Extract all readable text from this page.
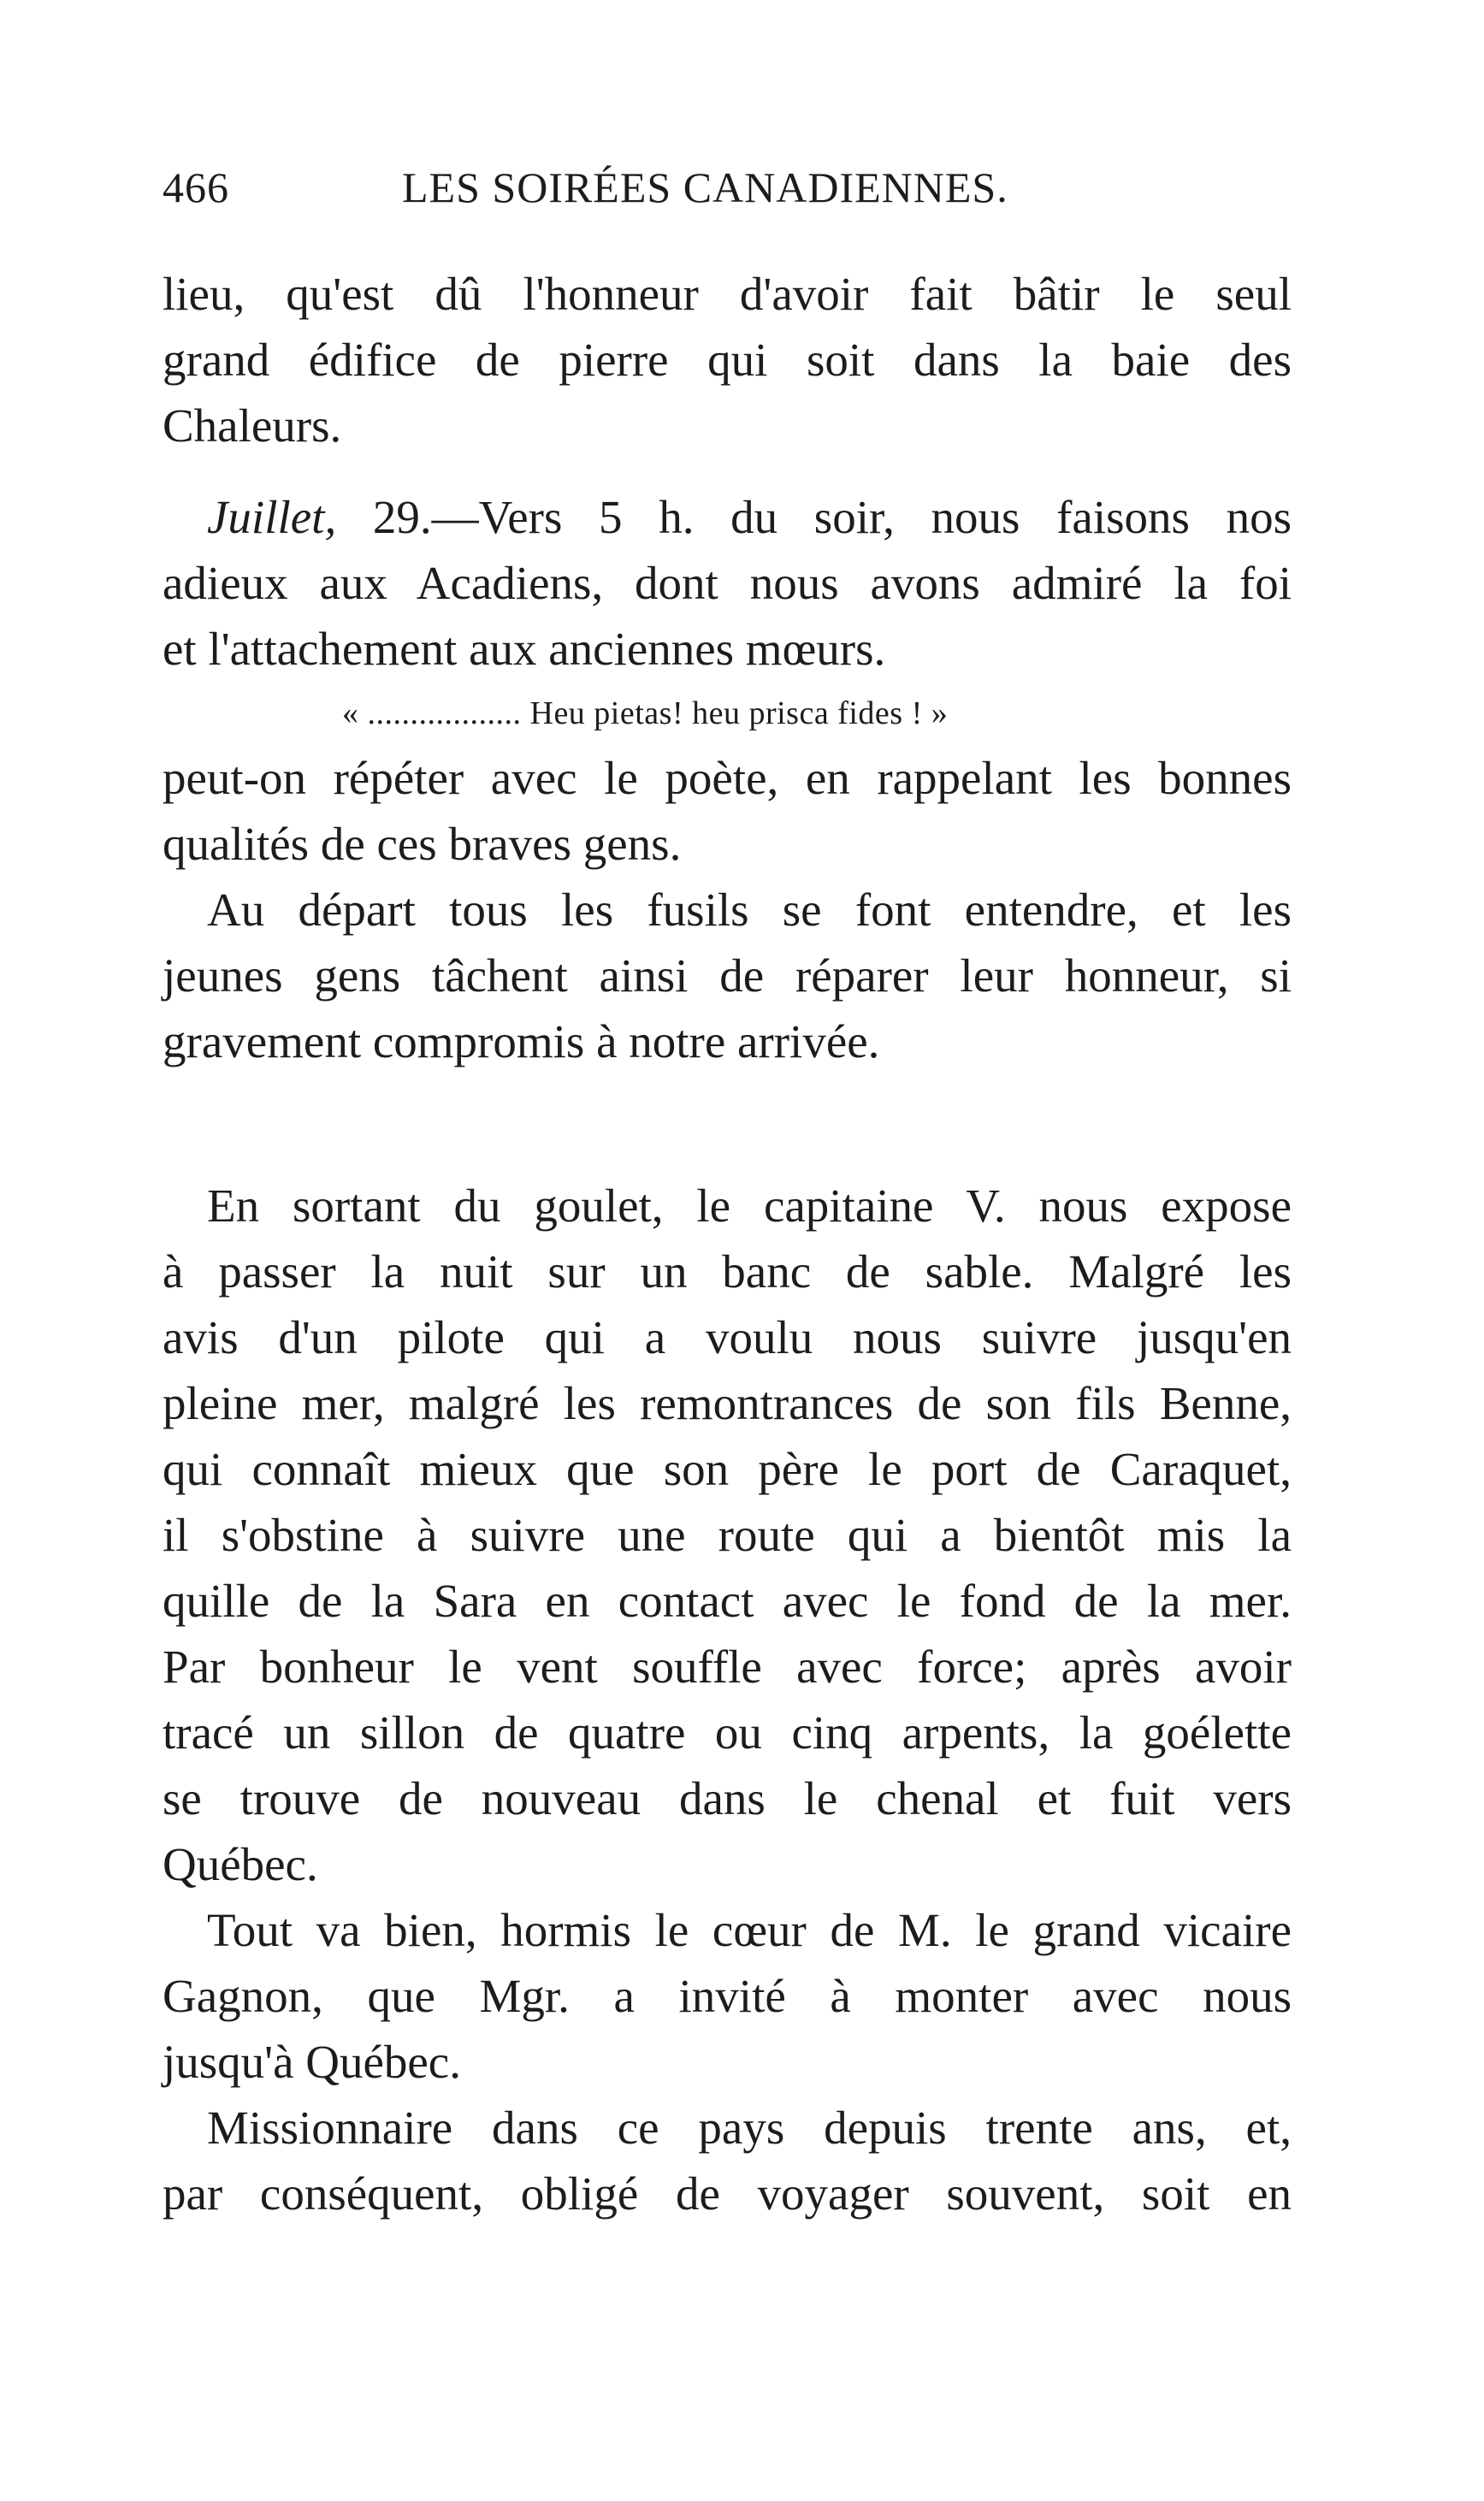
466	LES SOIRÉES CANADIENNES.
lieu, qu'est dû l'honneur d'avoir fait bâtir le seul
grand édifice de pierre qui soit dans la baie des
Chaleurs.
Juillet, 29.—Vers 5 h. du soir, nous faisons nos
adieux aux Acadiens, dont nous avons admiré la foi
et l'attachement aux anciennes mœurs.
« .................. Heu pietas! heu prisca fides ! »
peut-on répéter avec le poète, en rappelant les bonnes
qualités de ces braves gens.
Au départ tous les fusils se font entendre, et les
jeunes gens tâchent ainsi de réparer leur honneur, si
gravement compromis à notre arrivée.
En sortant du goulet, le capitaine V. nous expose
à passer la nuit sur un banc de sable. Malgré les
avis d'un pilote qui a voulu nous suivre jusqu'en
pleine mer, malgré les remontrances de son fils Benne,
qui connaît mieux que son père le port de Caraquet,
il s'obstine à suivre une route qui a bientôt mis la
quille de la Sara en contact avec le fond de la mer.
Par bonheur le vent souffle avec force; après avoir
tracé un sillon de quatre ou cinq arpents, la goélette
se trouve de nouveau dans le chenal et fuit vers
Québec.
Tout va bien, hormis le cœur de M. le grand vicaire
Gagnon, que Mgr. a invité à monter avec nous
jusqu'à Québec.
Missionnaire dans ce pays depuis trente ans, et,
par conséquent, obligé de voyager souvent, soit en
